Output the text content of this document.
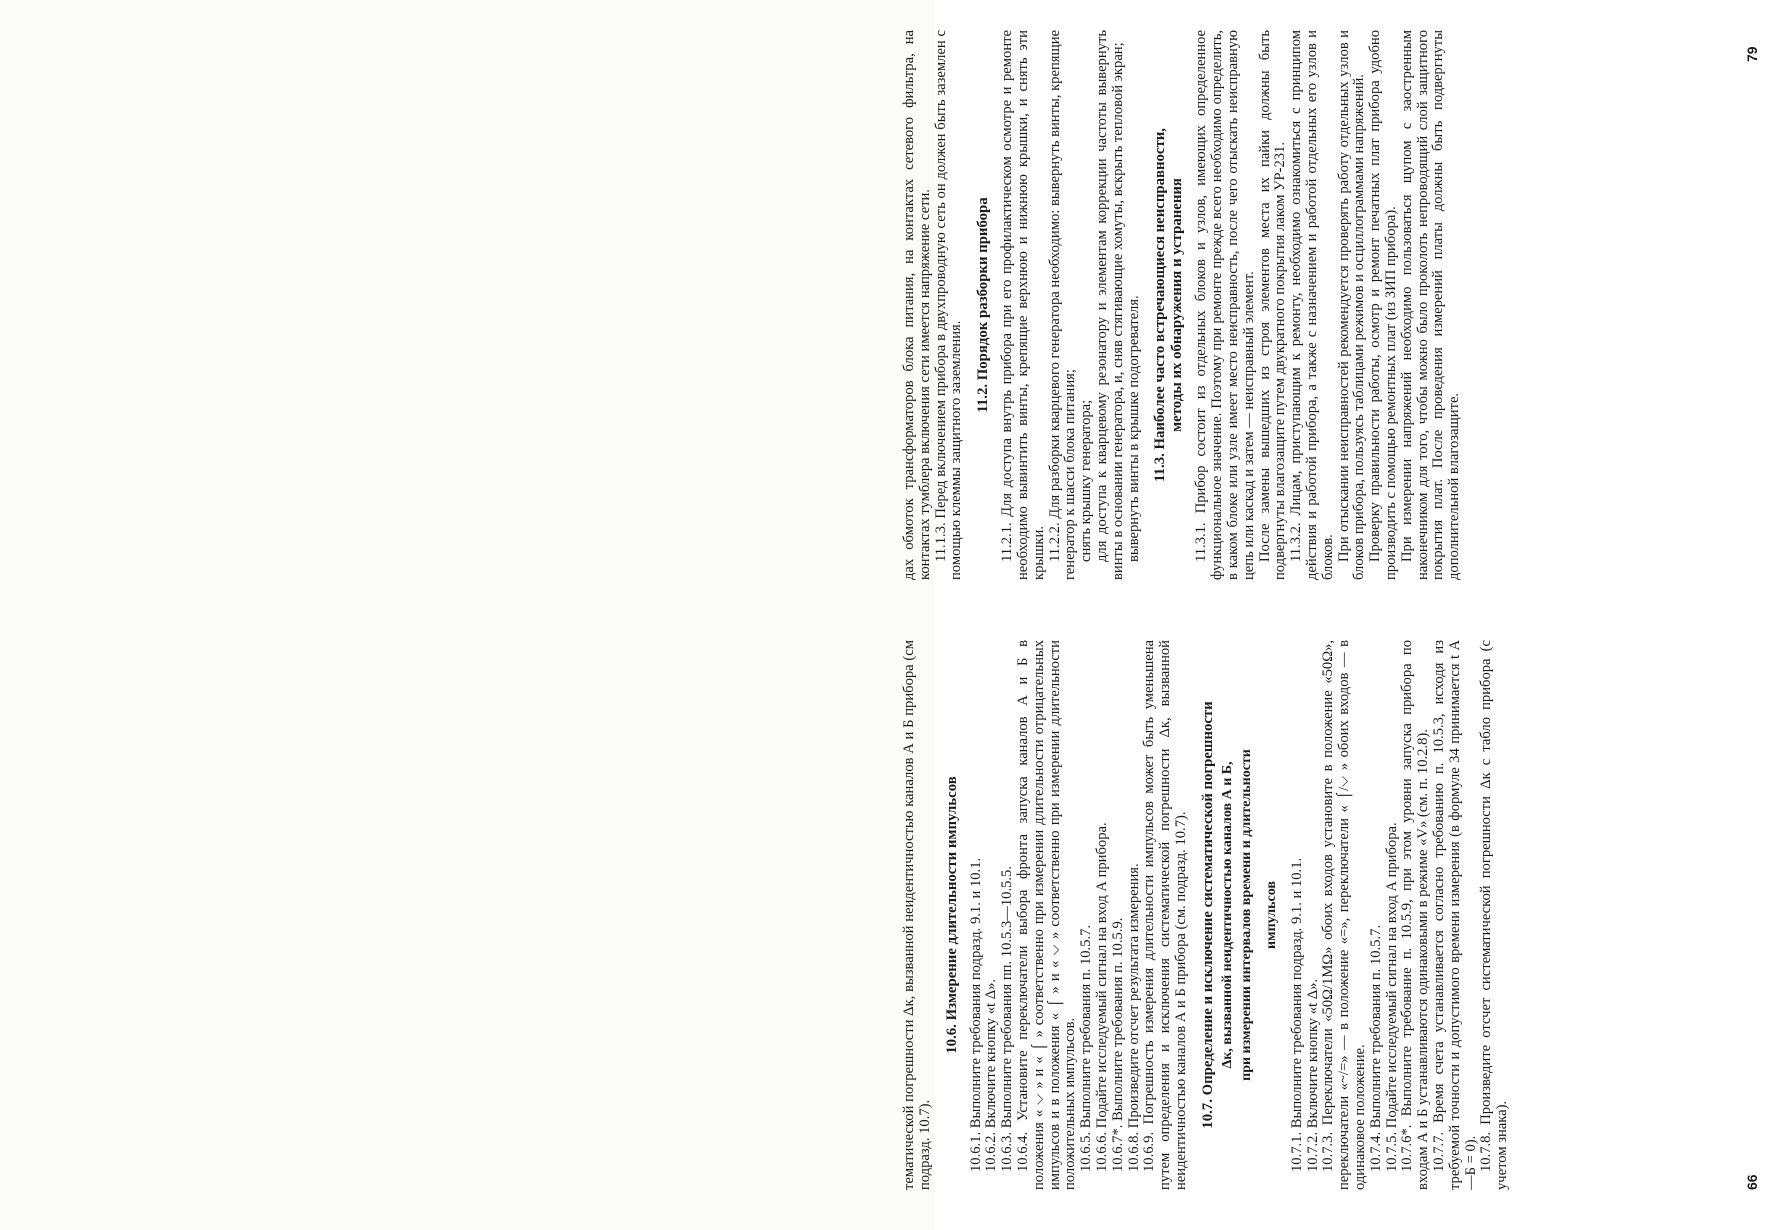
тематической погрешности Δк, вызванной неидентичностью каналов А и Б прибора (см подразд. 10.7).

10.6. Измерение длительности импульсов 10.6.1. Выполните требования подразд. 9.1. и 10.1. 10.6.2. Включите кнопку «t Δ». 10.6.3. Выполните требования пп. 10.5.3—10.5.5. 10.6.4. Установите переключатели выбора фронта запуска каналов А и Б в положения « ⌵ » и « ⌠ » соответственно при измерении длительности отрицательных импульсов и в положения « ⌠ » и « ⌵ » соответственно при измерении длительности положительных импульсов. 10.6.5. Выполните требования п. 10.5.7. 10.6.6. Подайте исследуемый сигнал на вход А прибора. 10.6.7*. Выполните требования п. 10.5.9. 10.6.8. Произведите отсчет результата измерения. 10.6.9. Погрешность измерения длительности импульсов может быть уменьшена путем определения и исключения систематической погрешности Δк, вызванной неидентичностью каналов А и Б прибора (см. подразд. 10.7). 10.7. Определение и исключение систематической погрешности Δк, вызванной неидентичностью каналов А и Б, при измерении интервалов времени и длительности импульсов 10.7.1. Выполните требования подразд. 9.1. и 10.1. 10.7.2. Включите кнопку «t Δ». 10.7.3. Переключатели «50Ω/1MΩ» обоих входов установите в положение «50Ω», переключатели «~/=» — в положение «=», переключатели « ⌠/⌵ » обоих входов — в одинаковое положение. 10.7.4. Выполните требования п. 10.5.7. 10.7.5. Подайте исследуемый сигнал на вход А прибора. 10.7.6*. Выполните требование п. 10.5.9, при этом уровни запуска прибора по входам А и Б устанавливаются одинаковыми в режиме «V» (см. п. 10.2.8). 10.7.7. Время счета устанавливается согласно требованию п. 10.5.3, исходя из требуемой точности и допустимого времени измерения (в формуле 34 принимается t А—Б = 0). 10.7.8. Произведите отсчет систематической погрешности Δк с табло прибора (с учетом знака).	66

дах обмоток трансформаторов блока питания, на контактах сетевого фильтра, на контактах тумблера включения сети имеется напряжение сети. 11.1.3. Перед включением прибора в двухпроводную сеть он должен быть заземлен с помощью клеммы защитного заземления.

11.2. Порядок разборки прибора 11.2.1. Для доступа внутрь прибора при его профилактическом осмотре и ремонте необходимо вывинтить винты, крепящие верхнюю и нижнюю крышки, и снять эти крышки. 11.2.2. Для разборки кварцевого генератора необходимо: вывернуть винты, крепящие генератор к шасси блока питания; снять крышку генератора; для доступа к кварцевому резонатору и элементам коррекции частоты вывернуть винты в основании генератора, и, сняв стягивающие хомуты, вскрыть тепловой экран; вывернуть винты в крышке подогревателя. 11.3. Наиболее часто встречающиеся неисправности, методы их обнаружения и устранения 11.3.1. Прибор состоит из отдельных блоков и узлов, имеющих определенное функциональное значение. Поэтому при ремонте прежде всего необходимо определить, в каком блоке или узле имеет место неисправность, после чего отыскать неисправную цепь или каскад и затем — неисправный элемент. После замены вышедших из строя элементов места их пайки должны быть подвергнуты влагозащите путем двукратного покрытия лаком УР-231. 11.3.2. Лицам, приступающим к ремонту, необходимо ознакомиться с принципом действия и работой прибора, а также с назначением и работой отдельных его узлов и блоков. При отыскании неисправностей рекомендуется проверять работу отдельных узлов и блоков прибора, пользуясь таблицами режимов и осциллограммами напряжений. Проверку правильности работы, осмотр и ремонт печатных плат прибора удобно производить с помощью ремонтных плат (из ЗИП прибора). При измерении напряжений необходимо пользоваться щупом с заостренным наконечником для того, чтобы можно было проколоть непроводящий слой защитного покрытия плат. После проведения измерений платы должны быть подвергнуты дополнительной влагозащите.

79
